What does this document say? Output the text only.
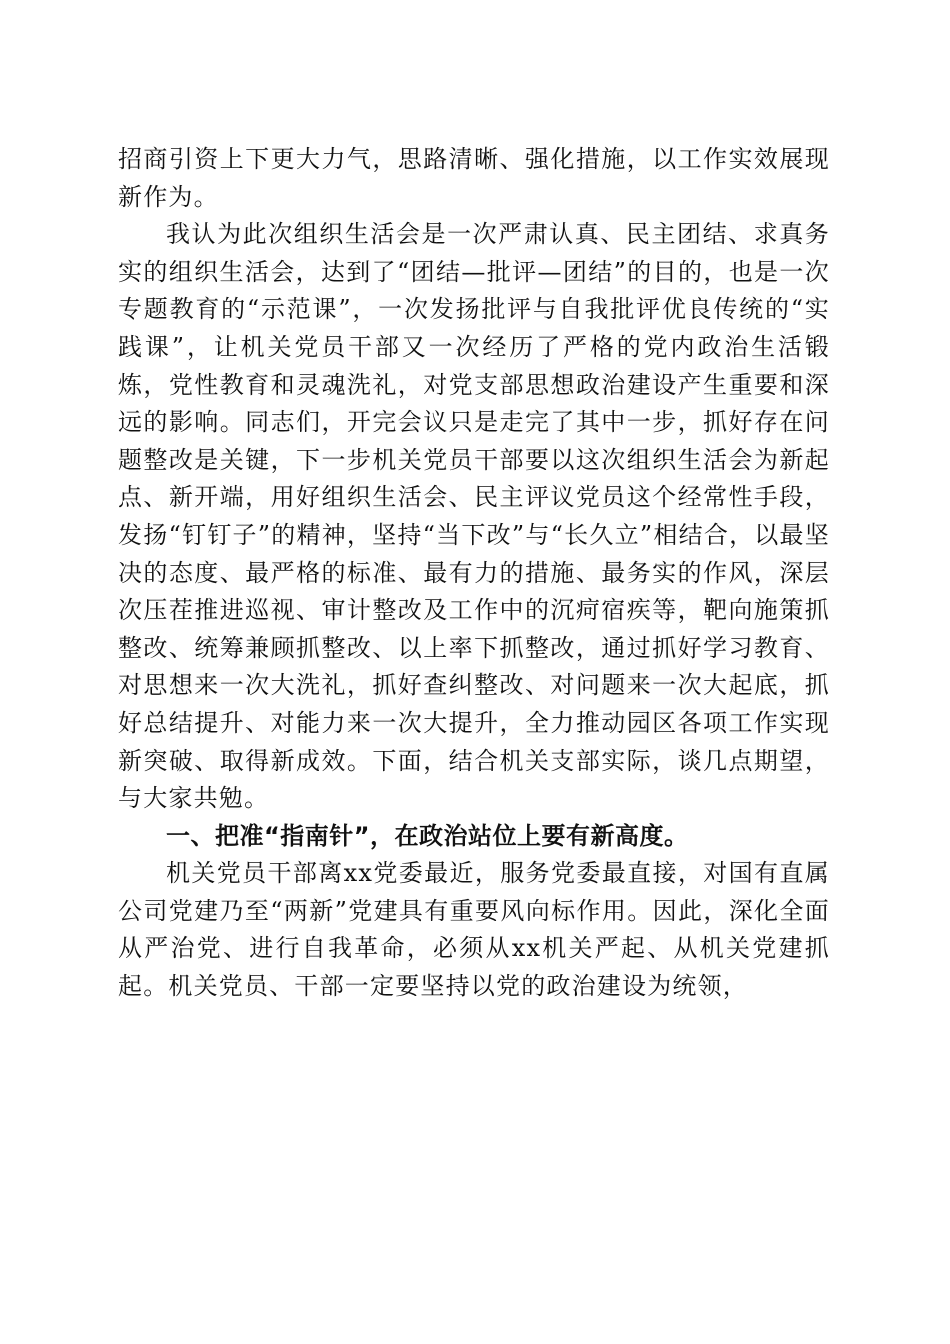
招商引资上下更大力气，思路清晰、强化措施，以工作实效展现新作为。

我认为此次组织生活会是一次严肃认真、民主团结、求真务实的组织生活会，达到了“团结—批评—团结”的目的，也是一次专题教育的“示范课”，一次发扬批评与自我批评优良传统的“实践课”，让机关党员干部又一次经历了严格的党内政治生活锻炼，党性教育和灵魂洗礼，对党支部思想政治建设产生重要和深远的影响。同志们，开完会议只是走完了其中一步，抓好存在问题整改是关键，下一步机关党员干部要以这次组织生活会为新起点、新开端，用好组织生活会、民主评议党员这个经常性手段，发扬“钉钉子”的精神，坚持“当下改”与“长久立”相结合，以最坚决的态度、最严格的标准、最有力的措施、最务实的作风，深层次压茬推进巡视、审计整改及工作中的沉疴宿疾等，靶向施策抓整改、统筹兼顾抓整改、以上率下抓整改，通过抓好学习教育、对思想来一次大洗礼，抓好查纠整改、对问题来一次大起底，抓好总结提升、对能力来一次大提升，全力推动园区各项工作实现新突破、取得新成效。下面，结合机关支部实际，谈几点期望，与大家共勉。

一、把准“指南针”，在政治站位上要有新高度。

机关党员干部离xx党委最近，服务党委最直接，对国有直属公司党建乃至“两新”党建具有重要风向标作用。因此，深化全面从严治党、进行自我革命，必须从xx机关严起、从机关党建抓起。机关党员、干部一定要坚持以党的政治建设为统领，
